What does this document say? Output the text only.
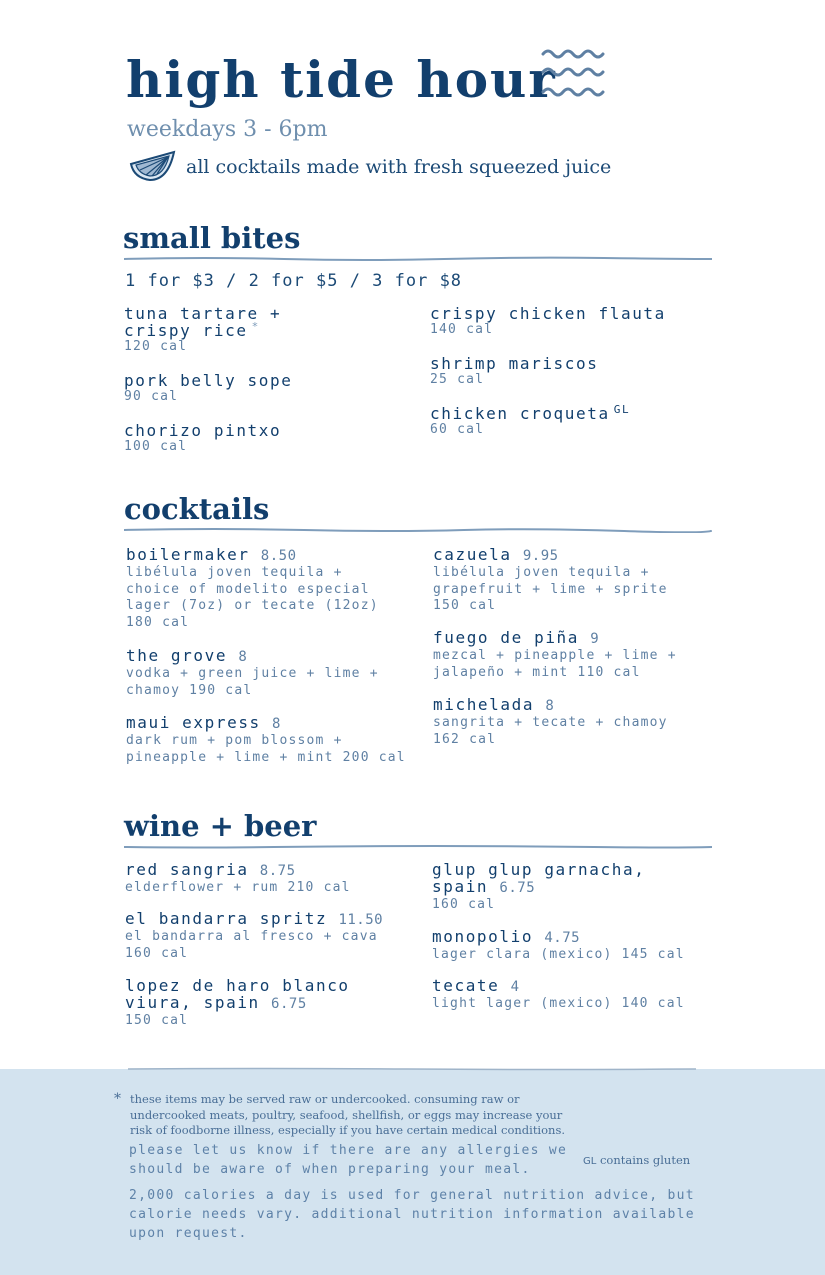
high tide hour
weekdays 3 - 6pm
all cocktails made with fresh squeezed juice
small bites
1 for $3 / 2 for $5 / 3 for $8
tuna tartare +
crispy rice *
120 cal
pork belly sope
90 cal
chorizo pintxo
100 cal
crispy chicken flauta
140 cal
shrimp mariscos
25 cal
chicken croqueta $^{GL}$
60 cal
cocktails
boilermaker 8.50
libélula joven tequila +
choice of modelito especial
lager (7oz) or tecate (12oz)
180 cal
the grove 8
vodka + green juice + lime +
chamoy 190 cal
maui express 8
dark rum + pom blossom +
pineapple + lime + mint 200 cal
cazuela 9.95
libélula joven tequila +
grapefruit + lime + sprite
150 cal
fuego de piña 9
mezcal + pineapple + lime +
jalapeño + mint 110 cal
michelada 8
sangrita + tecate + chamoy
162 cal
wine + beer
red sangria 8.75
elderflower + rum 210 cal
el bandarra spritz 11.50
el bandarra al fresco + cava
160 cal
lopez de haro blanco
viura, spain 6.75
150 cal
glup glup garnacha,
spain 6.75
160 cal
monopolio 4.75
lager clara (mexico) 145 cal
tecate 4
light lager (mexico) 140 cal
* these items may be served raw or undercooked. consuming raw or
undercooked meats, poultry, seafood, shellfish, or eggs may increase your
risk of foodborne illness, especially if you have certain medical conditions.
please let us know if there are any allergies we
should be aware of when preparing your meal.
GL contains gluten
2,000 calories a day is used for general nutrition advice, but
calorie needs vary. additional nutrition information available
upon request.
